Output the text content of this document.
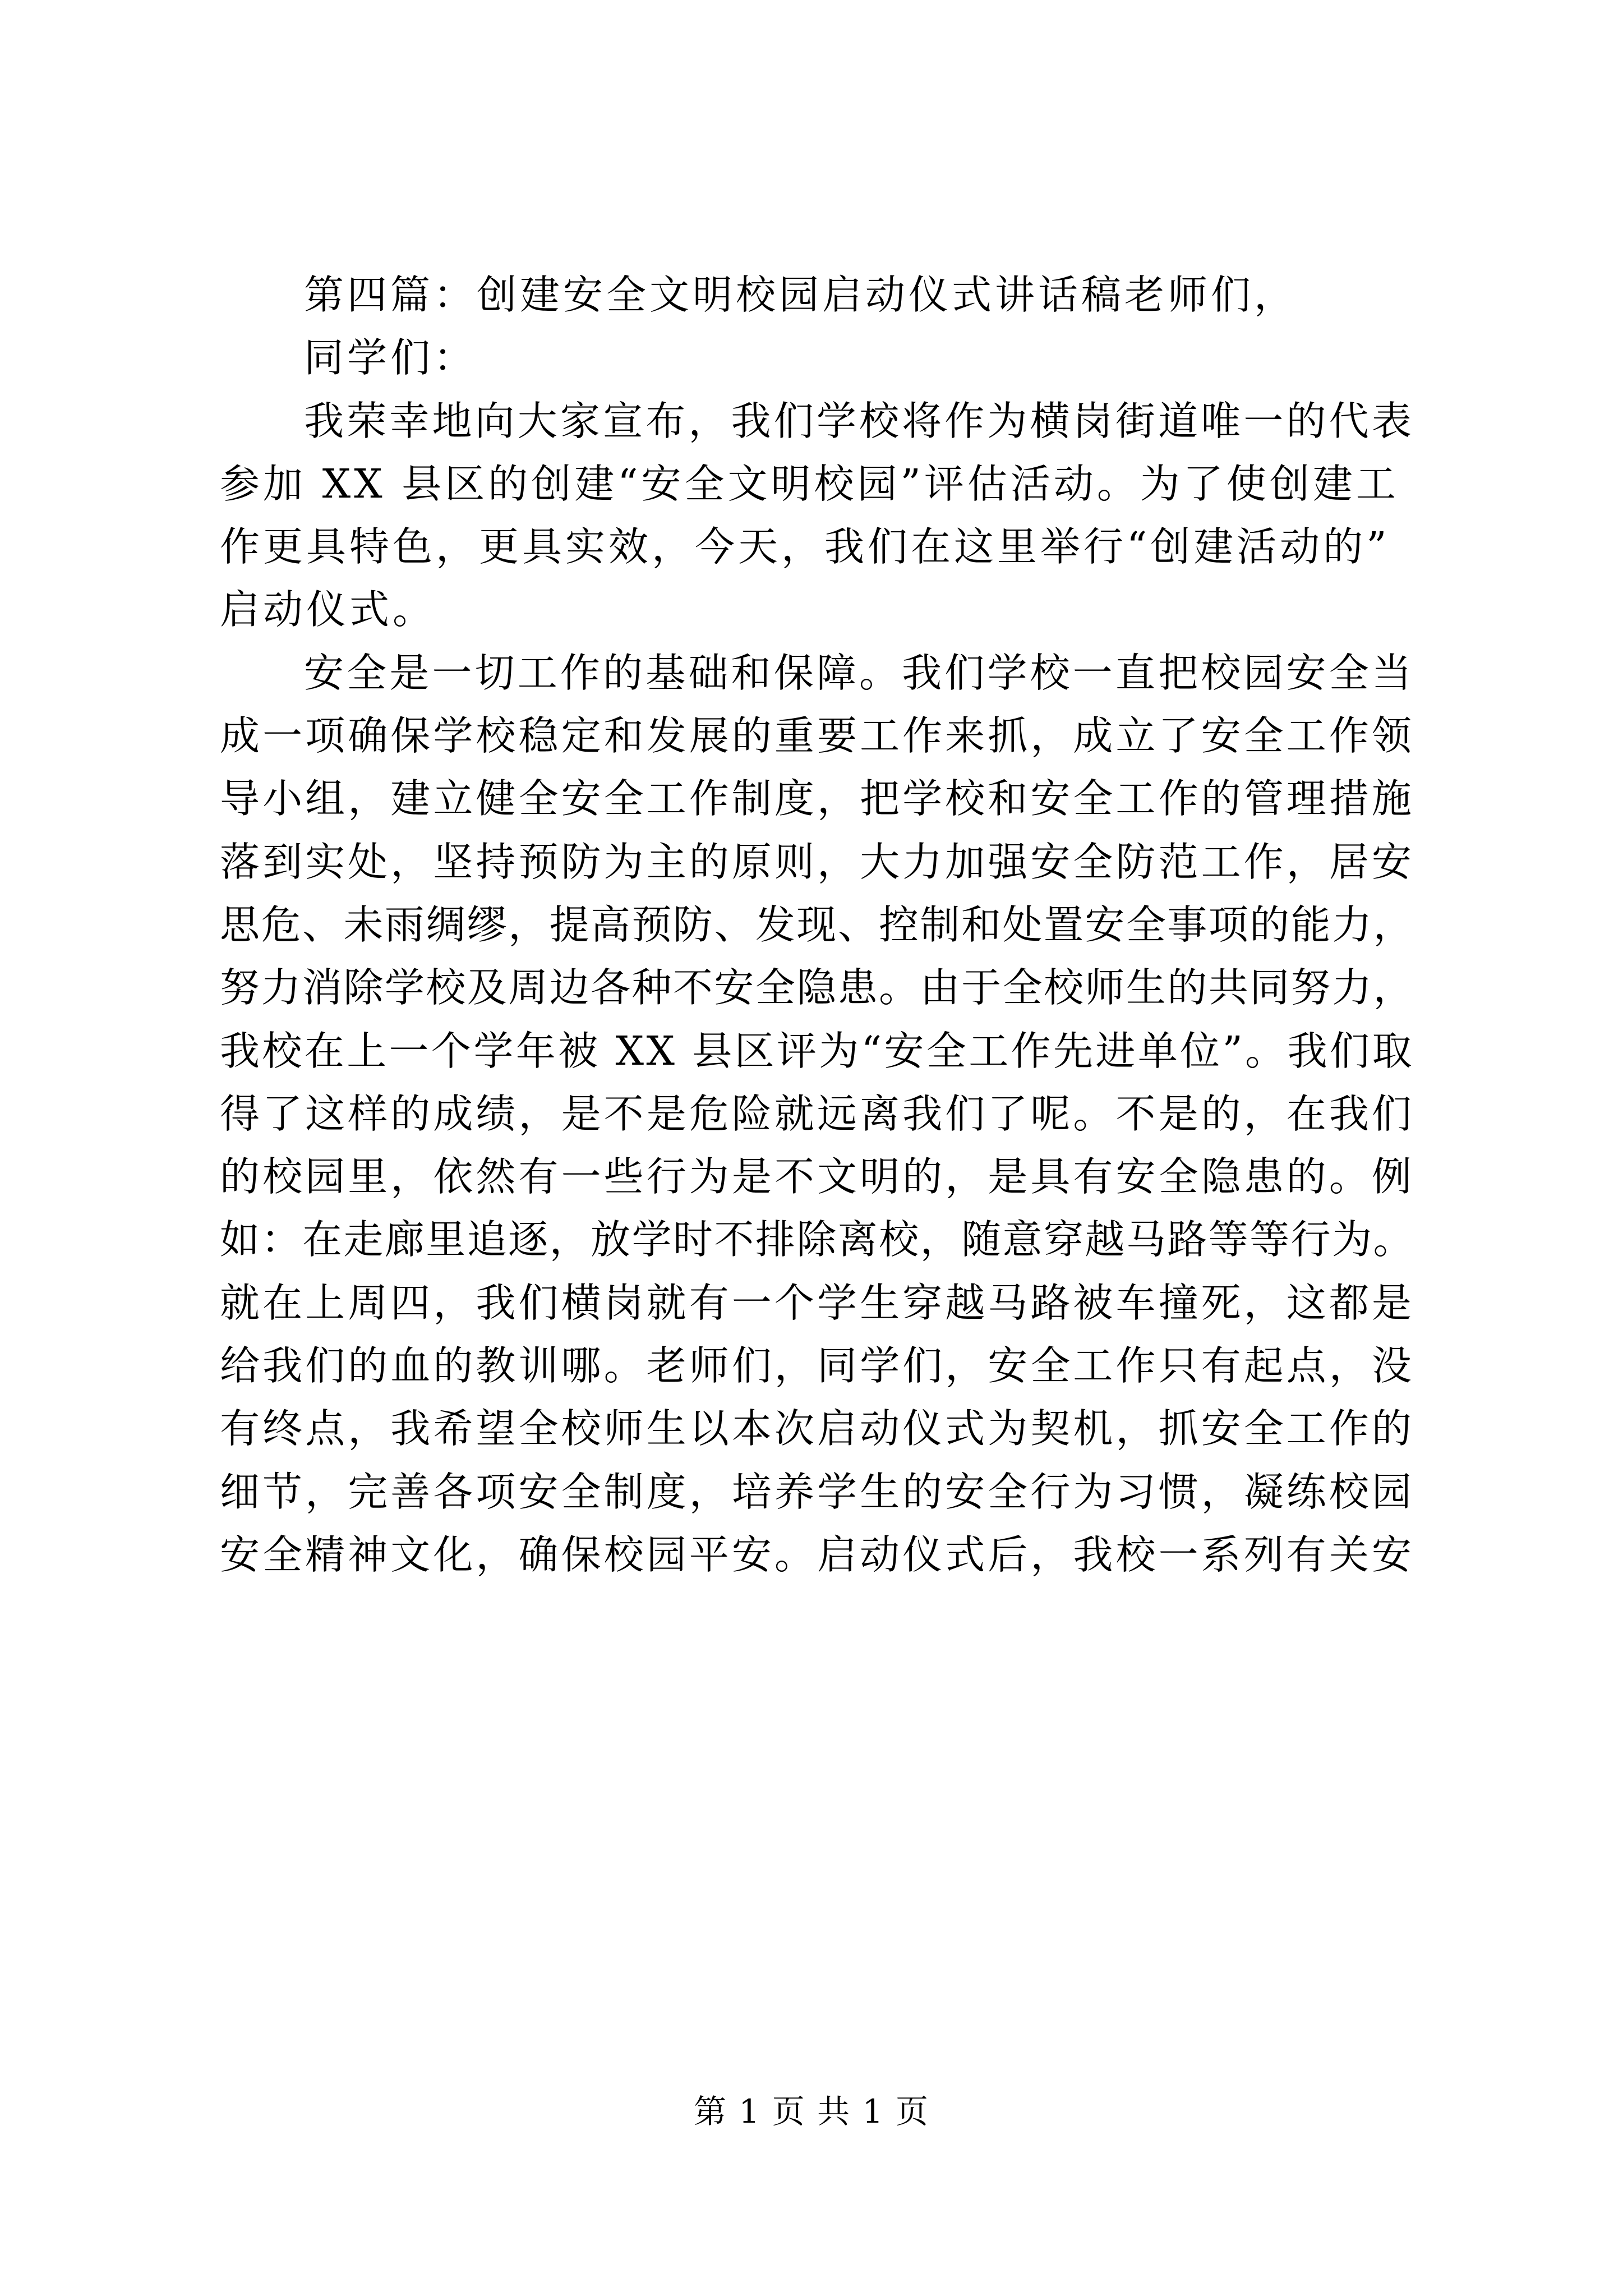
第四篇：创建安全文明校园启动仪式讲话稿老师们，
同学们：
我荣幸地向大家宣布，我们学校将作为横岗街道唯一的代表
参加 XX 县区的创建“安全文明校园”评估活动。为了使创建工
作更具特色，更具实效，今天，我们在这里举行“创建活动的”
启动仪式。
安全是一切工作的基础和保障。我们学校一直把校园安全当
成一项确保学校稳定和发展的重要工作来抓，成立了安全工作领
导小组，建立健全安全工作制度，把学校和安全工作的管理措施
落到实处，坚持预防为主的原则，大力加强安全防范工作，居安
思危、未雨绸缪，提高预防、发现、控制和处置安全事项的能力，
努力消除学校及周边各种不安全隐患。由于全校师生的共同努力，
我校在上一个学年被 XX 县区评为“安全工作先进单位”。我们取
得了这样的成绩，是不是危险就远离我们了呢。不是的，在我们
的校园里，依然有一些行为是不文明的，是具有安全隐患的。例
如：在走廊里追逐，放学时不排除离校，随意穿越马路等等行为。
就在上周四，我们横岗就有一个学生穿越马路被车撞死，这都是
给我们的血的教训哪。老师们，同学们，安全工作只有起点，没
有终点，我希望全校师生以本次启动仪式为契机，抓安全工作的
细节，完善各项安全制度，培养学生的安全行为习惯，凝练校园
安全精神文化，确保校园平安。启动仪式后，我校一系列有关安
第 1 页 共 1 页
